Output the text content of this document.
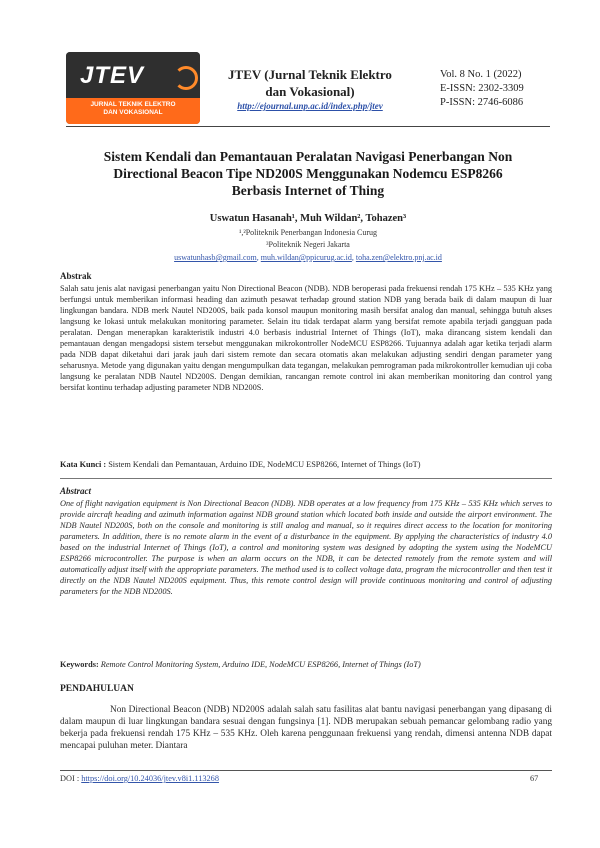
JTEV
JURNAL TEKNIK ELEKTRO
DAN VOKASIONAL
JTEV (Jurnal Teknik Elektro
dan Vokasional)
http://ejournal.unp.ac.id/index.php/jtev
Vol. 8 No. 1 (2022)
E-ISSN: 2302-3309
P-ISSN: 2746-6086
Sistem Kendali dan Pemantauan Peralatan Navigasi Penerbangan Non
Directional Beacon Tipe ND200S Menggunakan Nodemcu ESP8266
Berbasis Internet of Thing
Uswatun Hasanah¹, Muh Wildan², Tohazen³
¹,²Politeknik Penerbangan Indonesia Curug
³Politeknik Negeri Jakarta
uswatunhasb@gmail.com, muh.wildan@ppicurug.ac.id, toha.zen@elektro.pnj.ac.id
Abstrak
Salah satu jenis alat navigasi penerbangan yaitu Non Directional Beacon (NDB). NDB beroperasi pada frekuensi rendah 175 KHz – 535 KHz yang berfungsi untuk memberikan informasi heading dan azimuth pesawat terhadap ground station NDB yang berada baik di dalam maupun di luar lingkungan bandara. NDB merk Nautel ND200S, baik pada konsol maupun monitoring masih bersifat analog dan manual, sehingga butuh akses langsung ke lokasi untuk melakukan monitoring parameter. Selain itu tidak terdapat alarm yang bersifat remote apabila terjadi gangguan pada peralatan. Dengan menerapkan karakteristik industri 4.0 berbasis industrial Internet of Things (IoT), maka dirancang sistem kendali dan pemantauan dengan mengadopsi sistem tersebut menggunakan mikrokontroller NodeMCU ESP8266. Tujuannya adalah agar ketika terjadi alarm pada NDB dapat diketahui dari jarak jauh dari sistem remote dan secara otomatis akan melakukan adjusting sendiri dengan parameter yang seharusnya. Metode yang digunakan yaitu dengan mengumpulkan data tegangan, melakukan pemrograman pada mikrokontroller kemudian uji coba langsung ke peralatan NDB Nautel ND200S. Dengan demikian, rancangan remote control ini akan memberikan monitoring dan control yang bersifat kontinu terhadap adjusting parameter NDB ND200S.
Kata Kunci : Sistem Kendali dan Pemantauan, Arduino IDE, NodeMCU ESP8266, Internet of Things (IoT)
Abstract
One of flight navigation equipment is Non Directional Beacon (NDB). NDB operates at a low frequency from 175 KHz – 535 KHz which serves to provide aircraft heading and azimuth information against NDB ground station which located both inside and outside the airport environment. The NDB Nautel ND200S, both on the console and monitoring is still analog and manual, so it requires direct access to the location for monitoring parameters. In addition, there is no remote alarm in the event of a disturbance in the equipment. By applying the characteristics of industry 4.0 based on the industrial Internet of Things (IoT), a control and monitoring system was designed by adopting the system using the NodeMCU ESP8266 microcontroller. The purpose is when an alarm occurs on the NDB, it can be detected remotely from the remote system and will automatically adjust itself with the appropriate parameters. The method used is to collect voltage data, program the microcontroller and then test it directly on the NDB Nautel ND200S equipment. Thus, this remote control design will provide continuous monitoring and control of adjusting parameters for the NDB ND200S.
Keywords: Remote Control Monitoring System, Arduino IDE, NodeMCU ESP8266, Internet of Things (IoT)
PENDAHULUAN
Non Directional Beacon (NDB) ND200S adalah salah satu fasilitas alat bantu navigasi penerbangan yang dipasang di dalam maupun di luar lingkungan bandara sesuai dengan fungsinya [1]. NDB merupakan sebuah pemancar gelombang radio yang bekerja pada frekuensi rendah 175 KHz – 535 KHz. Oleh karena penggunaan frekuensi yang rendah, dimensi antenna NDB dapat mencapai puluhan meter. Diantara
DOI : https://doi.org/10.24036/jtev.v8i1.113268	67
